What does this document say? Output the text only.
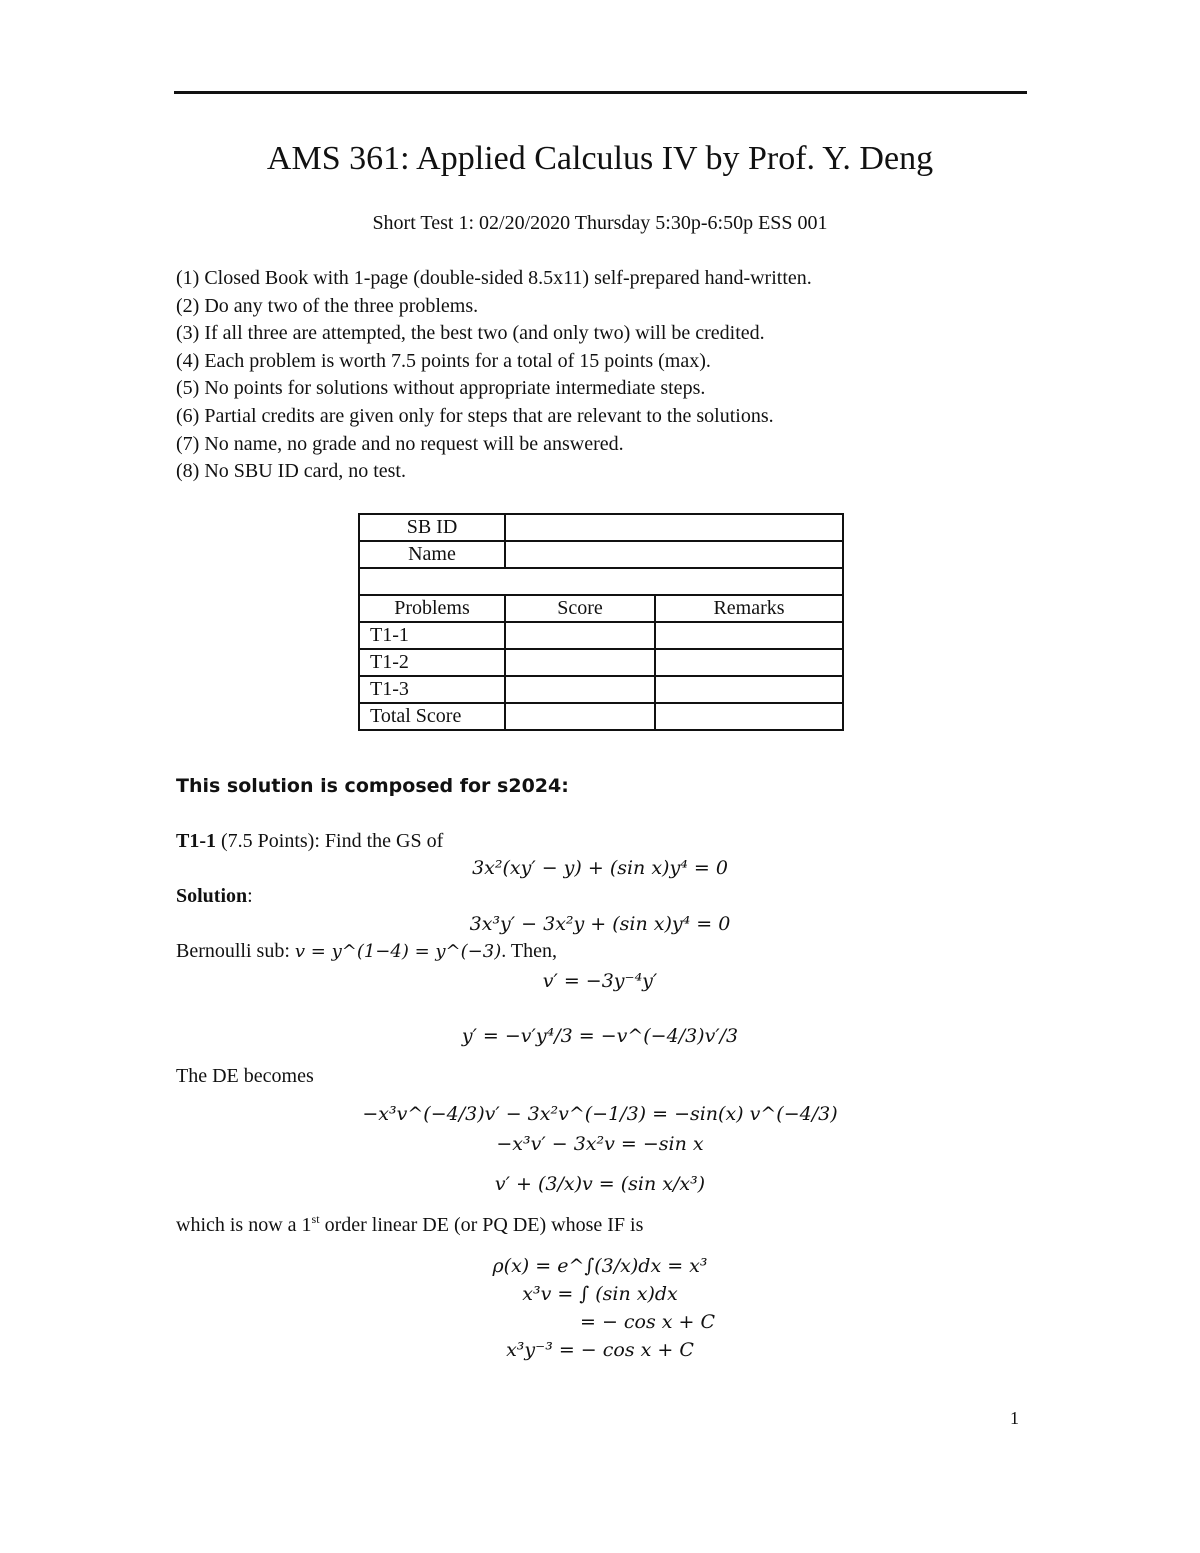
AMS 361: Applied Calculus IV by Prof. Y. Deng
Short Test 1: 02/20/2020 Thursday 5:30p-6:50p ESS 001
(1) Closed Book with 1-page (double-sided 8.5x11) self-prepared hand-written.
(2) Do any two of the three problems.
(3) If all three are attempted, the best two (and only two) will be credited.
(4) Each problem is worth 7.5 points for a total of 15 points (max).
(5) No points for solutions without appropriate intermediate steps.
(6) Partial credits are given only for steps that are relevant to the solutions.
(7) No name, no grade and no request will be answered.
(8) No SBU ID card, no test.
SB ID		
Name		

Problems	Score	Remarks
T1-1		
T1-2		
T1-3		
Total Score		
This solution is composed for s2024:
T1-1 (7.5 Points): Find the GS of
3x²(xy′ − y) + (sin x)y⁴ = 0
Solution:
3x³y′ − 3x²y + (sin x)y⁴ = 0
Bernoulli sub: v = y^(1−4) = y^(−3). Then,
v′ = −3y⁻⁴y′
y′ = −v′y⁴/3 = −v^(−4/3)v′/3
The DE becomes
−x³v^(−4/3)v′ − 3x²v^(−1/3) = −sin(x) v^(−4/3)
−x³v′ − 3x²v = −sin x
v′ + (3/x)v = (sin x/x³)
which is now a 1st order linear DE (or PQ DE) whose IF is
ρ(x) = e^∫(3/x)dx = x³
x³v = ∫ (sin x)dx
= − cos x + C
x³y⁻³ = − cos x + C
1
